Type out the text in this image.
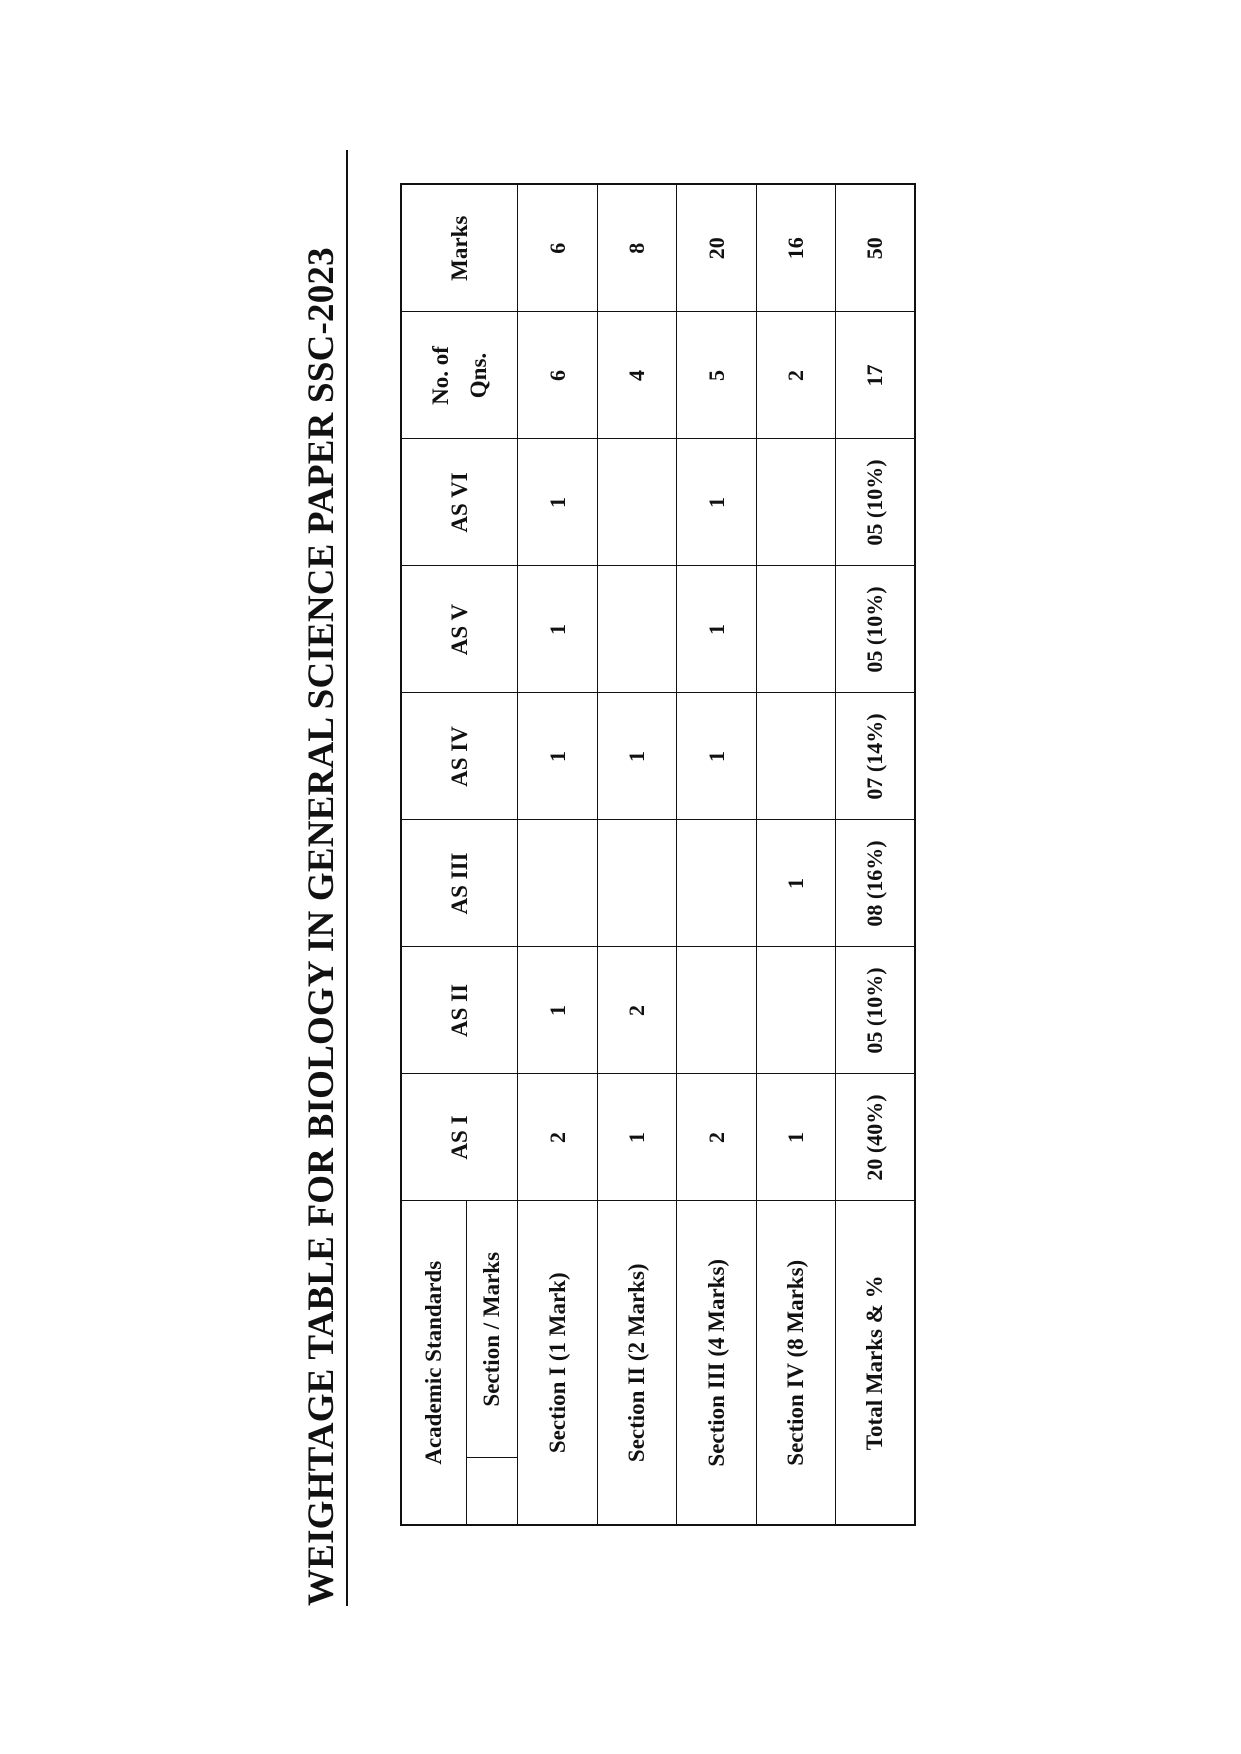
WEIGHTAGE TABLE FOR BIOLOGY IN GENERAL SCIENCE PAPER SSC-2023	Academic Standards Section / Marks	AS I	AS II	AS III	AS IV	AS V	AS VI	No. of Qns.	Marks
Section I (1 Mark)	2	1		1	1	1	6	6
Section II (2 Marks)	1	2		1			4	8
Section III (4 Marks)	2			1	1	1	5	20
Section IV (8 Marks)	1		1				2	16
Total Marks & %	20 (40%)	05 (10%)	08 (16%)	07 (14%)	05 (10%)	05 (10%)	17	50
